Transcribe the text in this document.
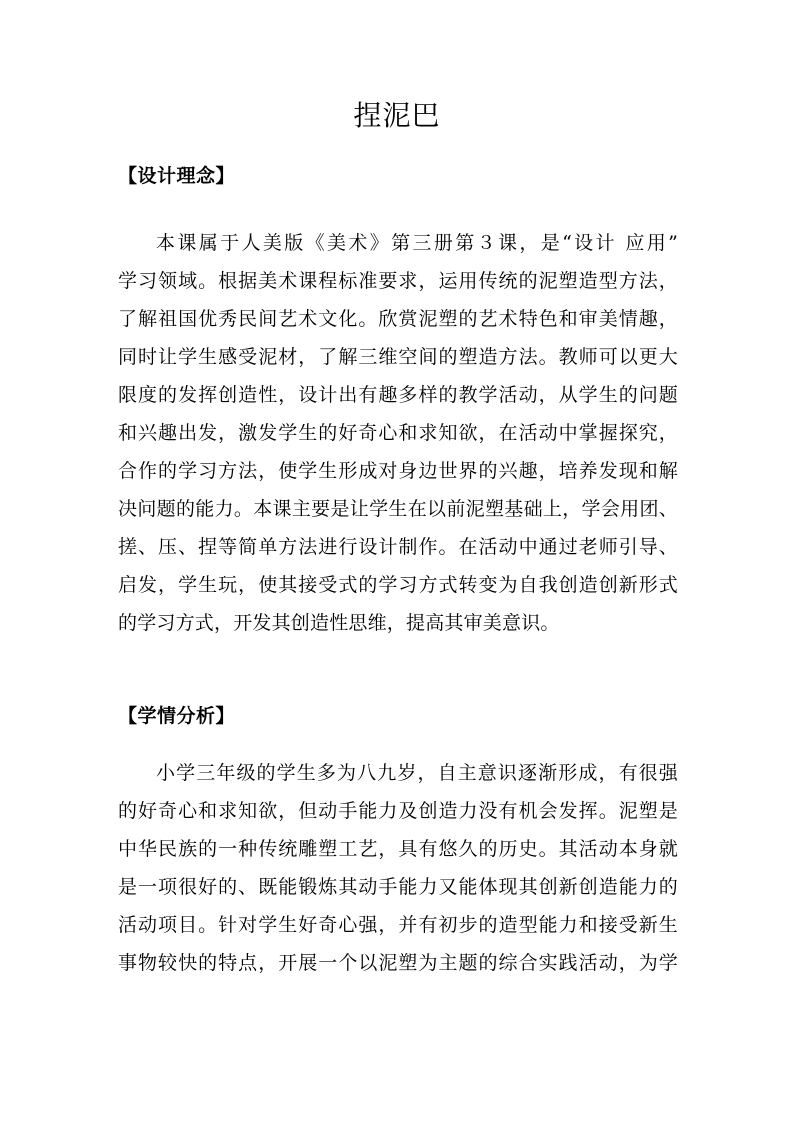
捏泥巴
【设计理念】
本课属于人美版《美术》第三册第３课，是“设计 应用”
学习领域。根据美术课程标准要求，运用传统的泥塑造型方法，
了解祖国优秀民间艺术文化。欣赏泥塑的艺术特色和审美情趣，
同时让学生感受泥材，了解三维空间的塑造方法。教师可以更大
限度的发挥创造性，设计出有趣多样的教学活动，从学生的问题
和兴趣出发，激发学生的好奇心和求知欲，在活动中掌握探究，
合作的学习方法，使学生形成对身边世界的兴趣，培养发现和解
决问题的能力。本课主要是让学生在以前泥塑基础上，学会用团、
搓、压、捏等简单方法进行设计制作。在活动中通过老师引导、
启发，学生玩，使其接受式的学习方式转变为自我创造创新形式
的学习方式，开发其创造性思维，提高其审美意识。
【学情分析】
小学三年级的学生多为八九岁，自主意识逐渐形成，有很强
的好奇心和求知欲，但动手能力及创造力没有机会发挥。泥塑是
中华民族的一种传统雕塑工艺，具有悠久的历史。其活动本身就
是一项很好的、既能锻炼其动手能力又能体现其创新创造能力的
活动项目。针对学生好奇心强，并有初步的造型能力和接受新生
事物较快的特点，开展一个以泥塑为主题的综合实践活动，为学
